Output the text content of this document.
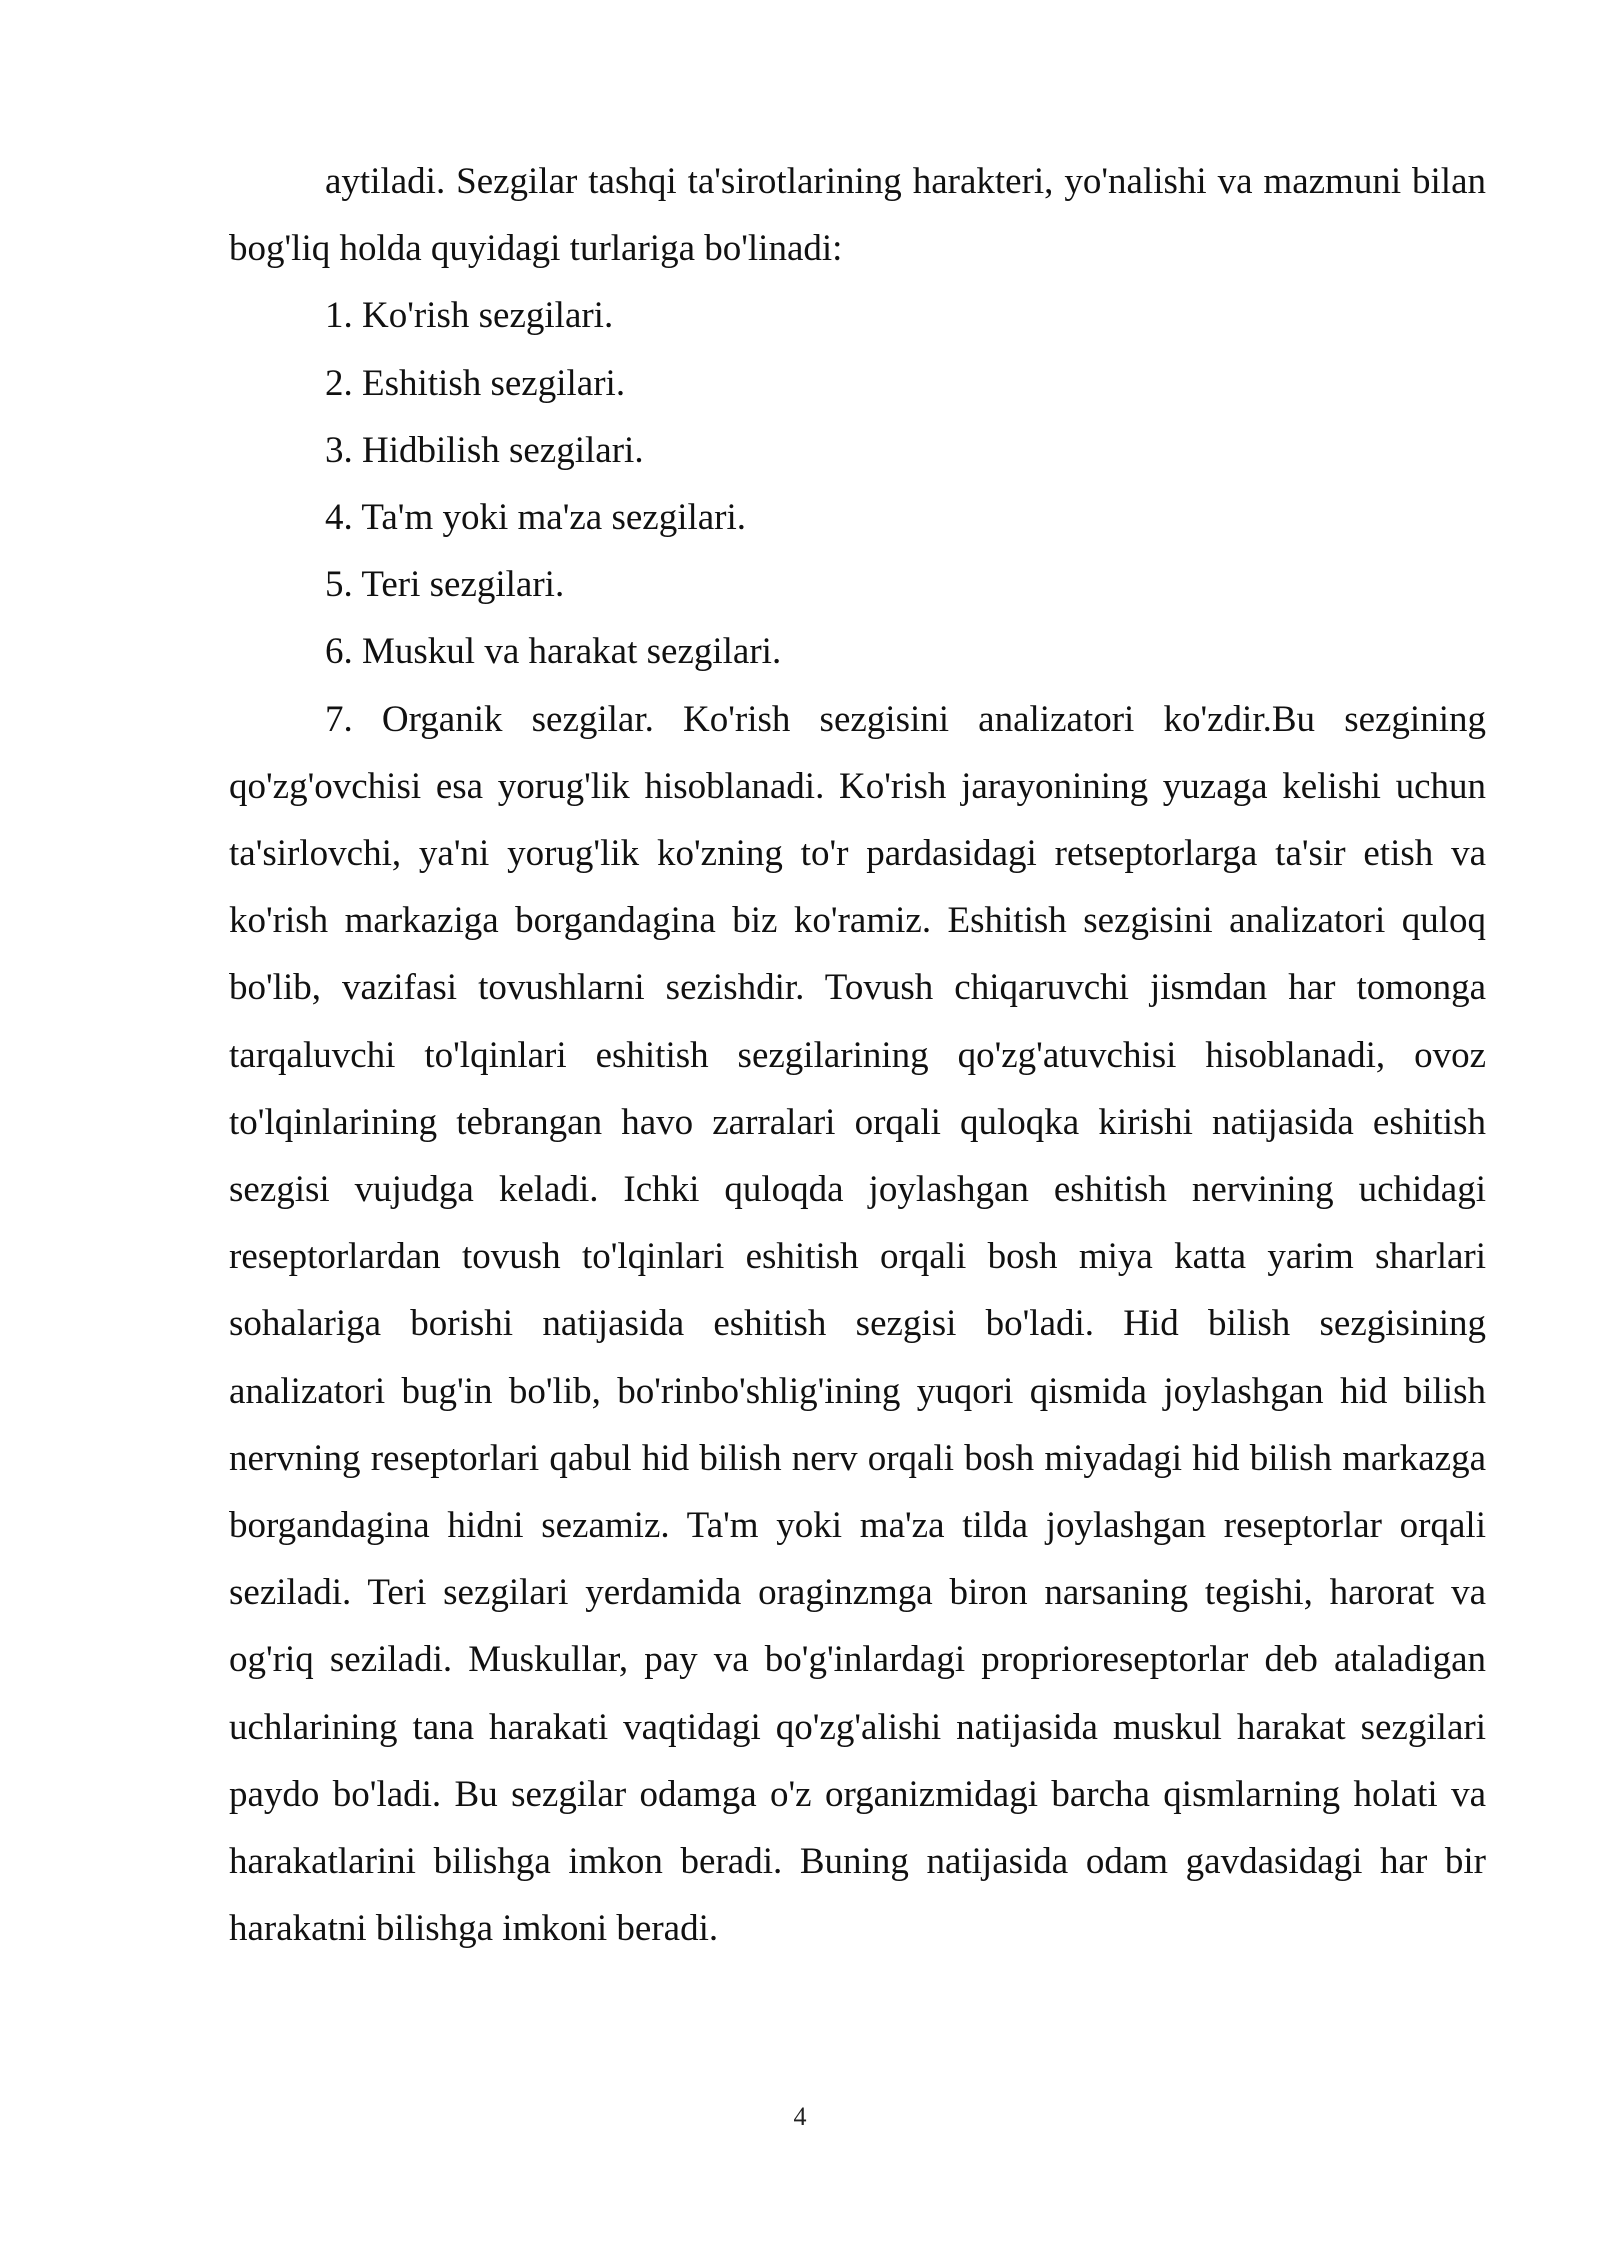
aytiladi. Sezgilar tashqi ta'sirotlarining harakteri, yo'nalishi va mazmuni bilan bog'liq holda quyidagi turlariga bo'linadi:

1. Ko'rish sezgilari.

2. Eshitish sezgilari.

3. Hidbilish sezgilari.

4. Ta'm yoki ma'za sezgilari.

5. Teri sezgilari.

6. Muskul va harakat sezgilari.

7. Organik sezgilar. Ko'rish sezgisini analizatori ko'zdir.Bu sezgining qo'zg'ovchisi esa yorug'lik hisoblanadi. Ko'rish jarayonining yuzaga kelishi uchun ta'sirlovchi, ya'ni yorug'lik ko'zning to'r pardasidagi retseptorlarga ta'sir etish va ko'rish markaziga borgandagina biz ko'ramiz. Eshitish sezgisini analizatori quloq bo'lib, vazifasi tovushlarni sezishdir. Tovush chiqaruvchi jismdan har tomonga tarqaluvchi to'lqinlari eshitish sezgilarining qo'zg'atuvchisi hisoblanadi, ovoz to'lqinlarining tebrangan havo zarralari orqali quloqka kirishi natijasida eshitish sezgisi vujudga keladi. Ichki quloqda joylashgan eshitish nervining uchidagi reseptorlardan tovush to'lqinlari eshitish orqali bosh miya katta yarim sharlari sohalariga borishi natijasida eshitish sezgisi bo'ladi. Hid bilish sezgisining analizatori bug'in bo'lib, bo'rinbo'shlig'ining yuqori qismida joylashgan hid bilish nervning reseptorlari qabul hid bilish nerv orqali bosh miyadagi hid bilish markazga borgandagina hidni sezamiz. Ta'm yoki ma'za tilda joylashgan reseptorlar orqali seziladi. Teri sezgilari yerdamida oraginzmga biron narsaning tegishi, harorat va og'riq seziladi. Muskullar, pay va bo'g'inlardagi proprioreseptorlar deb ataladigan uchlarining tana harakati vaqtidagi qo'zg'alishi natijasida muskul harakat sezgilari paydo bo'ladi. Bu sezgilar odamga o'z organizmidagi barcha qismlarning holati va harakatlarini bilishga imkon beradi. Buning natijasida odam gavdasidagi har bir harakatni bilishga imkoni beradi.

4
